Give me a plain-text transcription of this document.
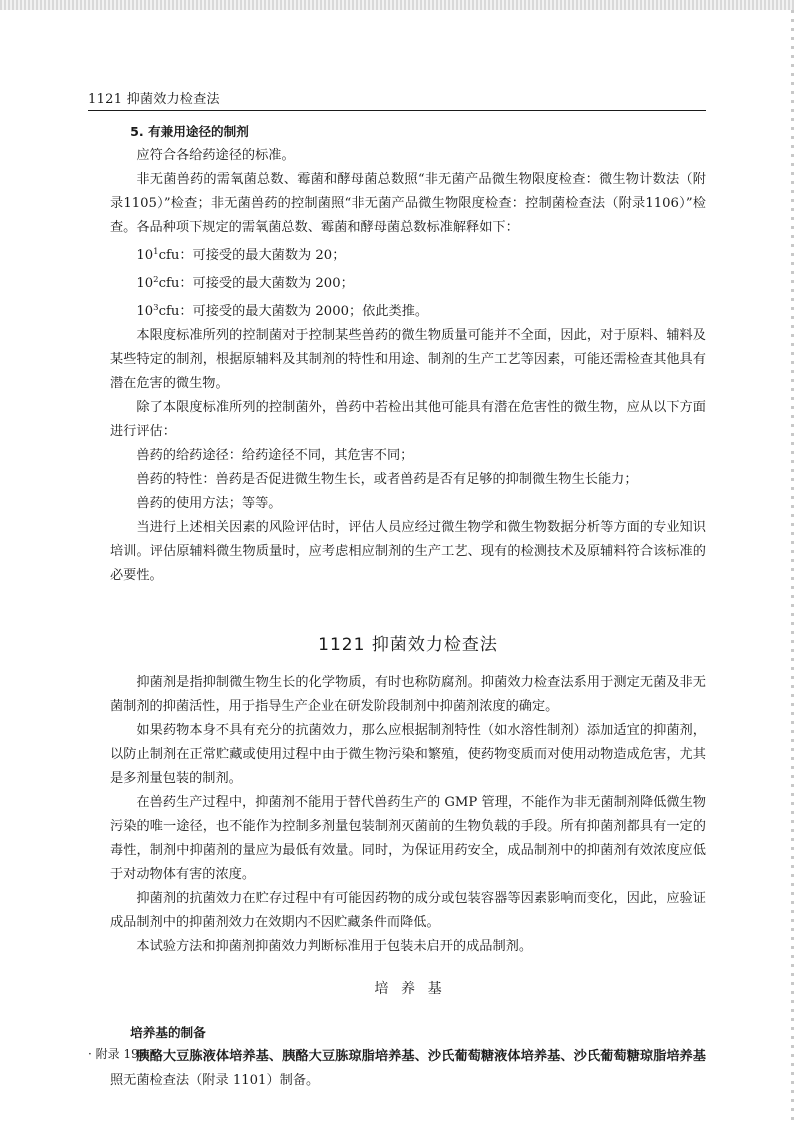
1121 抑菌效力检查法

5. 有兼用途径的制剂

应符合各给药途径的标准。

非无菌兽药的需氧菌总数、霉菌和酵母菌总数照“非无菌产品微生物限度检查：微生物计数法（附录1105）”检查；非无菌兽药的控制菌照“非无菌产品微生物限度检查：控制菌检查法（附录1106）”检查。各品种项下规定的需氧菌总数、霉菌和酵母菌总数标准解释如下：

$10^1cfu$：可接受的最大菌数为 20；

$10^2cfu$：可接受的最大菌数为 200；

$10^3cfu$：可接受的最大菌数为 2000；依此类推。

本限度标准所列的控制菌对于控制某些兽药的微生物质量可能并不全面，因此，对于原料、辅料及某些特定的制剂，根据原辅料及其制剂的特性和用途、制剂的生产工艺等因素，可能还需检查其他具有潜在危害的微生物。

除了本限度标准所列的控制菌外，兽药中若检出其他可能具有潜在危害性的微生物，应从以下方面进行评估：

兽药的给药途径：给药途径不同，其危害不同；

兽药的特性：兽药是否促进微生物生长，或者兽药是否有足够的抑制微生物生长能力；

兽药的使用方法；等等。

当进行上述相关因素的风险评估时，评估人员应经过微生物学和微生物数据分析等方面的专业知识培训。评估原辅料微生物质量时，应考虑相应制剂的生产工艺、现有的检测技术及原辅料符合该标准的必要性。

1121 抑菌效力检查法

抑菌剂是指抑制微生物生长的化学物质，有时也称防腐剂。抑菌效力检查法系用于测定无菌及非无菌制剂的抑菌活性，用于指导生产企业在研发阶段制剂中抑菌剂浓度的确定。

如果药物本身不具有充分的抗菌效力，那么应根据制剂特性（如水溶性制剂）添加适宜的抑菌剂，以防止制剂在正常贮藏或使用过程中由于微生物污染和繁殖，使药物变质而对使用动物造成危害，尤其是多剂量包装的制剂。

在兽药生产过程中，抑菌剂不能用于替代兽药生产的 GMP 管理，不能作为非无菌制剂降低微生物污染的唯一途径，也不能作为控制多剂量包装制剂灭菌前的生物负载的手段。所有抑菌剂都具有一定的毒性，制剂中抑菌剂的量应为最低有效量。同时，为保证用药安全，成品制剂中的抑菌剂有效浓度应低于对动物体有害的浓度。

抑菌剂的抗菌效力在贮存过程中有可能因药物的成分或包装容器等因素影响而变化，因此，应验证成品制剂中的抑菌剂效力在效期内不因贮藏条件而降低。

本试验方法和抑菌剂抑菌效力判断标准用于包装未启开的成品制剂。

培养基

培养基的制备

胰酪大豆胨液体培养基、胰酪大豆胨琼脂培养基、沙氏葡萄糖液体培养基、沙氏葡萄糖琼脂培养基　照无菌检查法（附录 1101）制备。

· 附录 198 ·
